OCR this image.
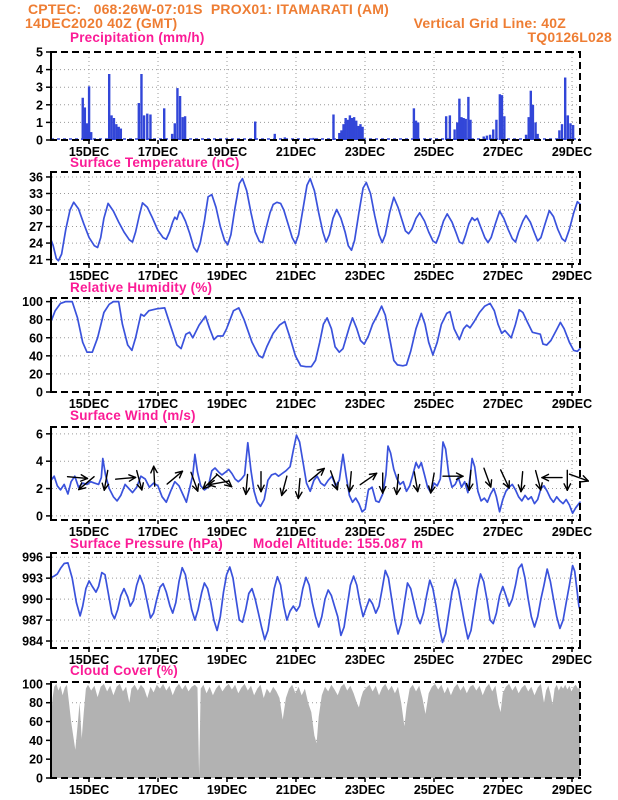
CPTEC:   068:26W-07:01S  PROX01: ITAMARATI (AM)
14DEC2020 40Z (GMT)	Vertical Grid Line: 40Z
TQ0126L028
Precipitation (mm/h)
Surface Temperature (nC)
Relative Humidity (%)
Surface Wind (m/s)
Surface Pressure (hPa) Model Altitude: 155.087 m
Cloud Cover (%)
0
1
2
3
4
5
15DEC 17DEC 19DEC 21DEC 23DEC 25DEC 27DEC 29DEC
21
24
27
30
33
36
15DEC 17DEC 19DEC 21DEC 23DEC 25DEC 27DEC 29DEC
0
20
40
60
80
100
15DEC 17DEC 19DEC 21DEC 23DEC 25DEC 27DEC 29DEC
0
2
4
6
15DEC 17DEC 19DEC 21DEC 23DEC 25DEC 27DEC 29DEC
984
987
990
993
996
15DEC 17DEC 19DEC 21DEC 23DEC 25DEC 27DEC 29DEC
0
20
40
60
80
100
15DEC 17DEC 19DEC 21DEC 23DEC 25DEC 27DEC 29DEC
